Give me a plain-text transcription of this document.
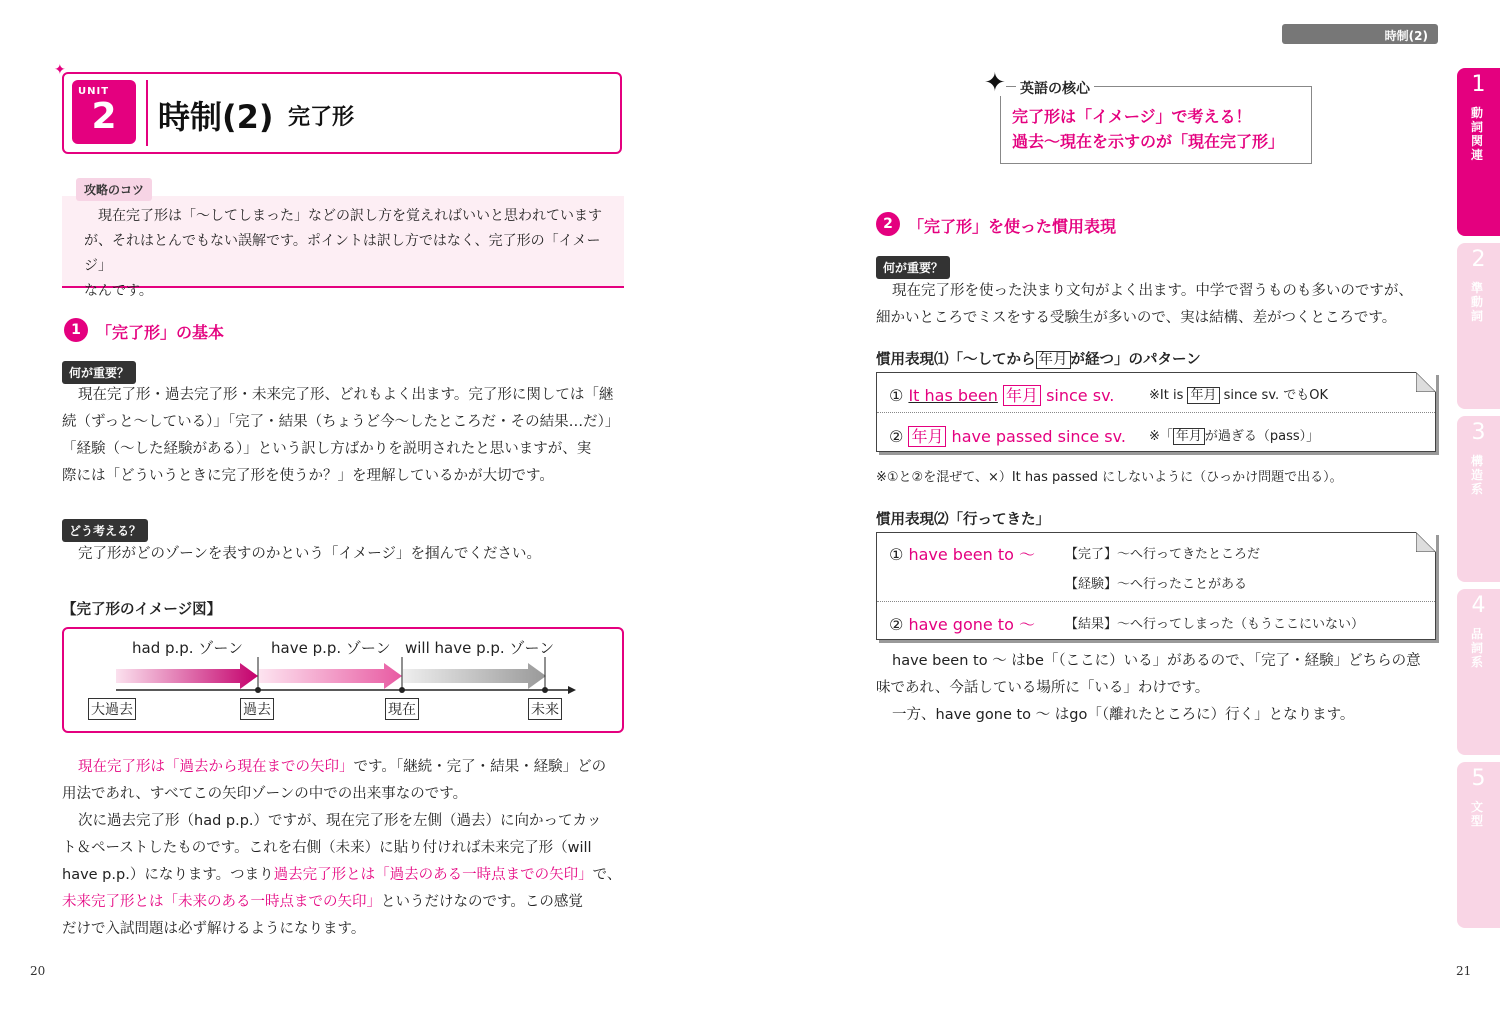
✦
UNIT
2	時制(2) 完了形
攻略のコツ
現在完了形は「〜してしまった」などの訳し方を覚えればいいと思われています
が、それはとんでもない誤解です。ポイントは訳し方ではなく、完了形の「イメージ」
なんです。
1 「完了形」の基本
何が重要？
現在完了形・過去完了形・未来完了形、どれもよく出ます。完了形に関しては「継
続（ずっと〜している）」「完了・結果（ちょうど今〜したところだ・その結果…だ）」
「経験（〜した経験がある）」という訳し方ばかりを説明されたと思いますが、実
際には「どういうときに完了形を使うか？」を理解しているかが大切です。
どう考える？
完了形がどのゾーンを表すのかという「イメージ」を掴んでください。
【完了形のイメージ図】
had p.p. ゾーン have p.p. ゾーン will have p.p. ゾーン
大過去	過去	現在	未来
現在完了形は「過去から現在までの矢印」です。「継続・完了・結果・経験」どの
用法であれ、すべてこの矢印ゾーンの中での出来事なのです。
次に過去完了形（had p.p.）ですが、現在完了形を左側（過去）に向かってカッ
ト＆ペーストしたものです。これを右側（未来）に貼り付ければ未来完了形（will
have p.p.）になります。つまり過去完了形とは「過去のある一時点までの矢印」で、
未来完了形とは「未来のある一時点までの矢印」というだけなのです。この感覚
だけで入試問題は必ず解けるようになります。
20
時制(2)
✦ 英語の核心
完了形は「イメージ」で考える！
過去〜現在を示すのが「現在完了形」
2 「完了形」を使った慣用表現
何が重要？
現在完了形を使った決まり文句がよく出ます。中学で習うものも多いのですが、
細かいところでミスをする受験生が多いので、実は結構、差がつくところです。
慣用表現⑴「〜してから 年月 が経つ」のパターン
① It has been 年月 since sv.	※It is 年月 since sv. でもOK
② 年月 have passed since sv. ※「 年月 が過ぎる（pass）」
※①と②を混ぜて、×）It has passed にしないように（ひっかけ問題で出る）。
慣用表現⑵「行ってきた」
① have been to 〜 【完了】〜へ行ってきたところだ
【経験】〜へ行ったことがある
② have gone to 〜 【結果】〜へ行ってしまった（もうここにいない）
have been to 〜 はbe「（ここに）いる」があるので、「完了・経験」どちらの意
味であれ、今話している場所に「いる」わけです。
一方、have gone to 〜 はgo「（離れたところに）行く」となります。
21
1
動詞関連
2
準動詞
3
構造系
4
品詞系
5
文型
